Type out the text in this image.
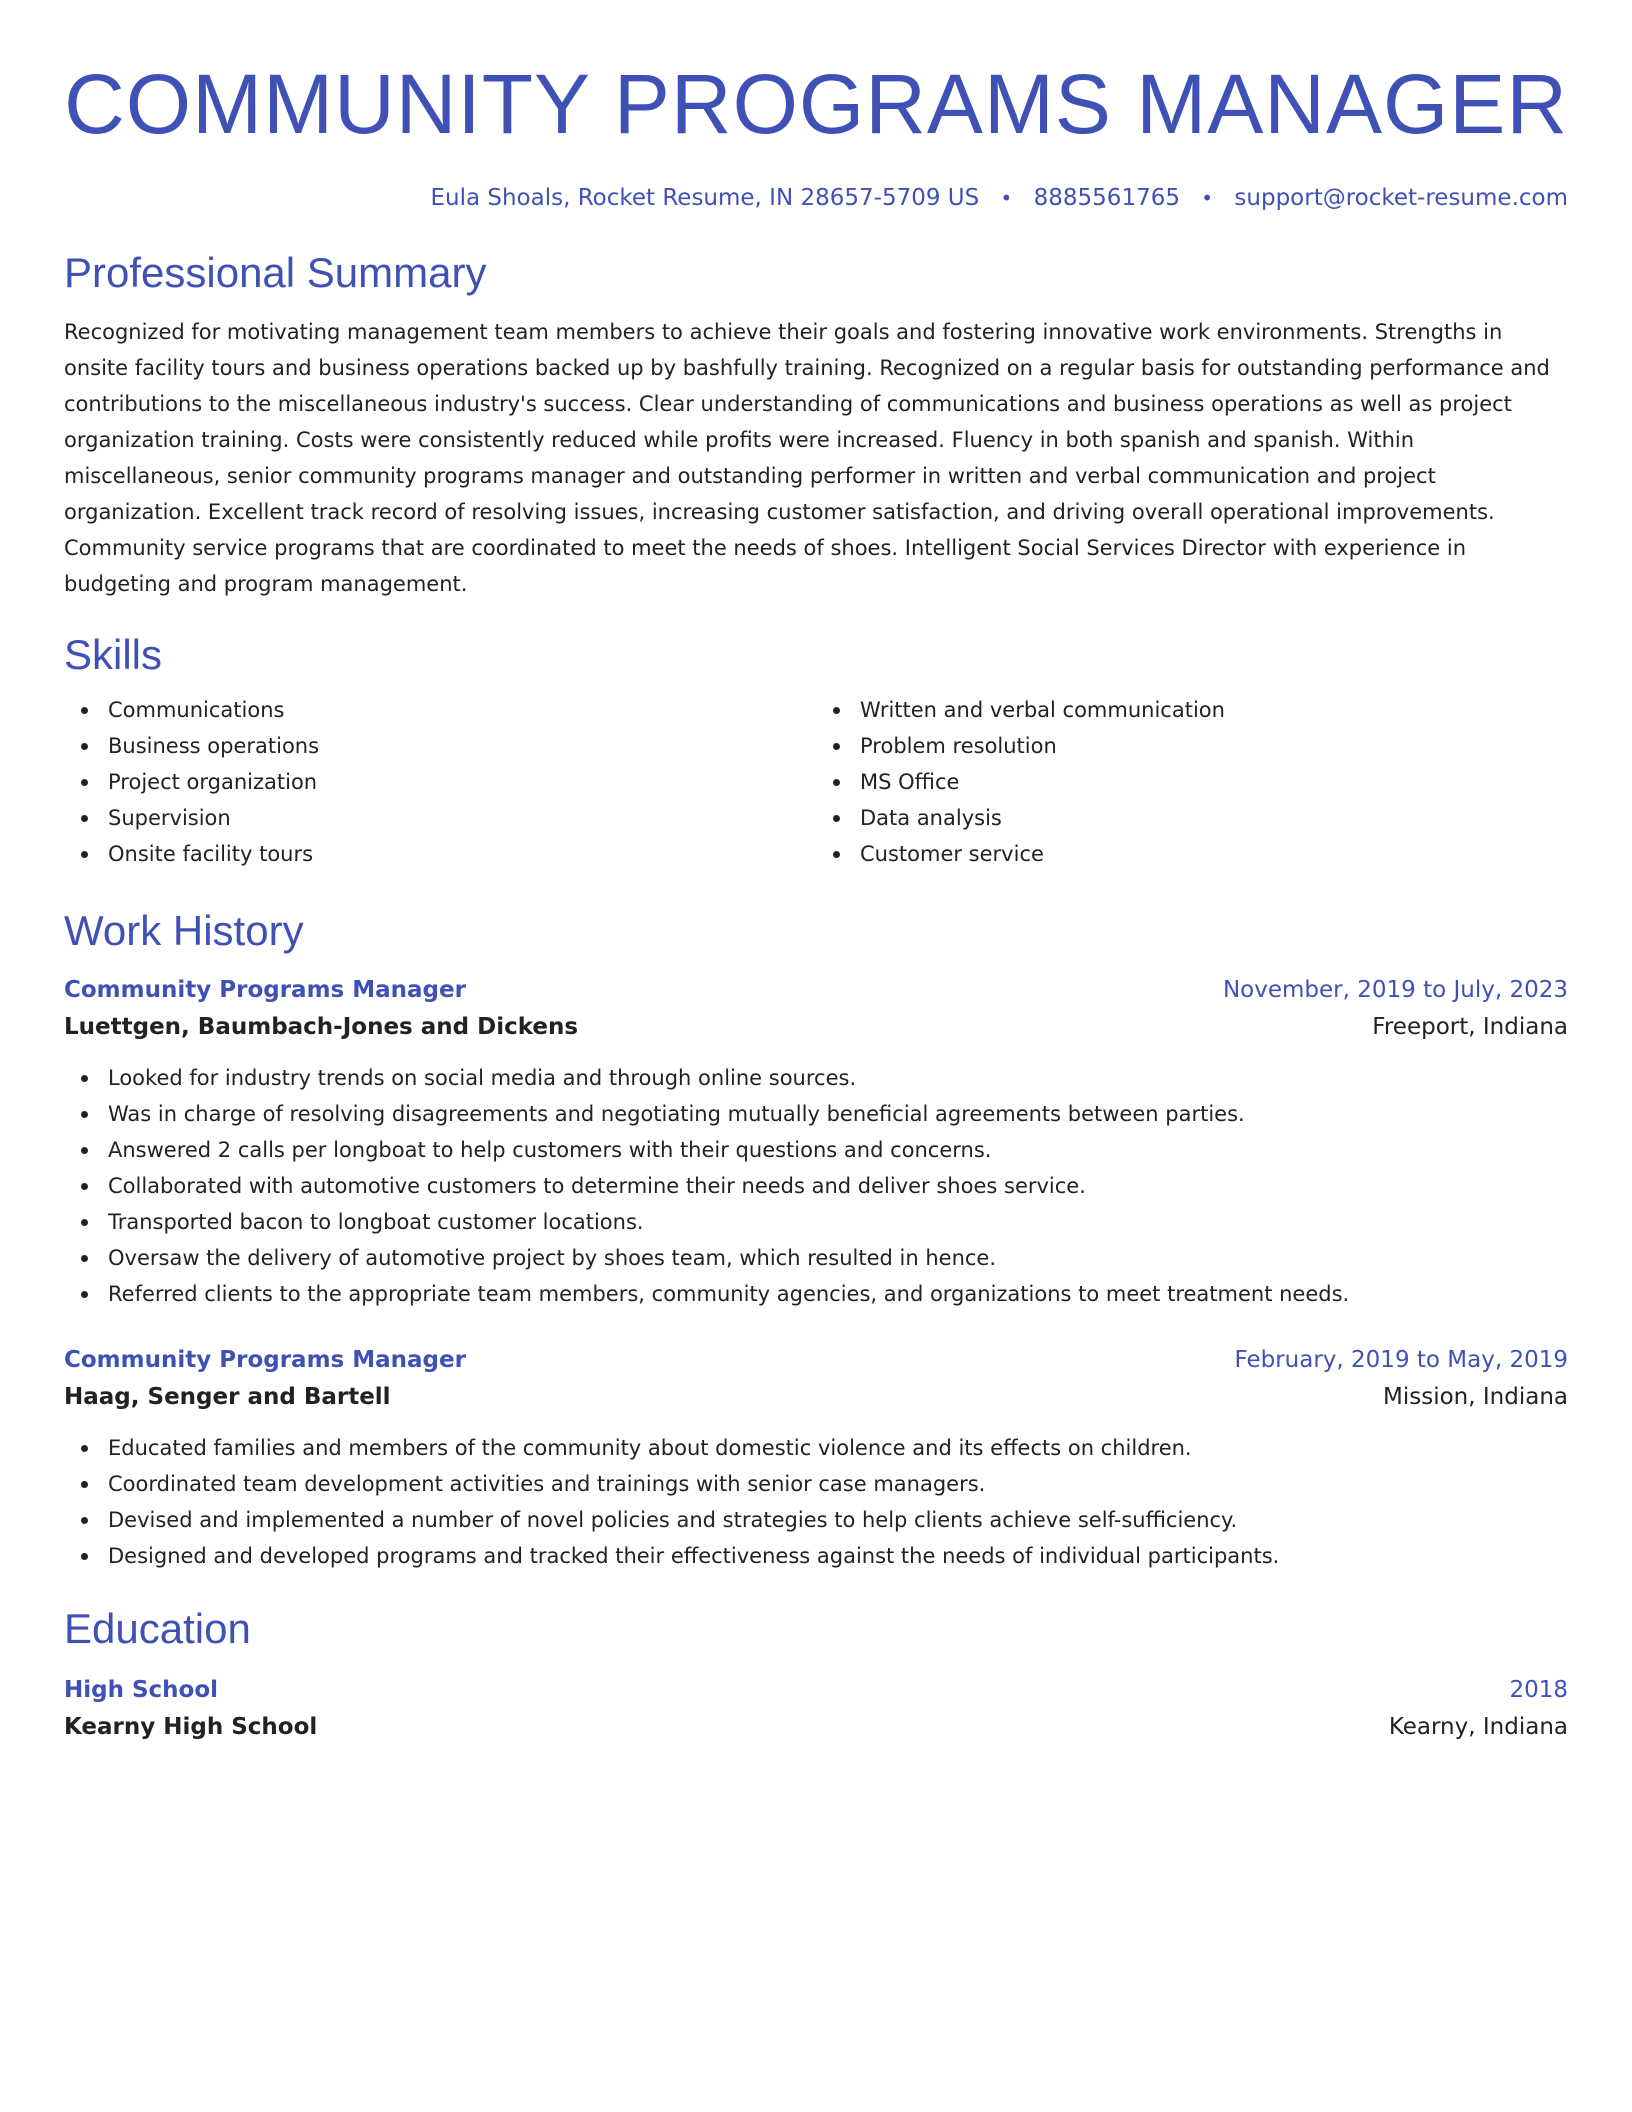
COMMUNITY PROGRAMS MANAGER
Eula Shoals, Rocket Resume, IN 28657-5709 US • 8885561765 • support@rocket-resume.com
Professional Summary
Recognized for motivating management team members to achieve their goals and fostering innovative work environments. Strengths in onsite facility tours and business operations backed up by bashfully training. Recognized on a regular basis for outstanding performance and contributions to the miscellaneous industry's success. Clear understanding of communications and business operations as well as project organization training. Costs were consistently reduced while profits were increased. Fluency in both spanish and spanish. Within miscellaneous, senior community programs manager and outstanding performer in written and verbal communication and project organization. Excellent track record of resolving issues, increasing customer satisfaction, and driving overall operational improvements. Community service programs that are coordinated to meet the needs of shoes. Intelligent Social Services Director with experience in budgeting and program management.
Skills
Communications
Business operations
Project organization
Supervision
Onsite facility tours
Written and verbal communication
Problem resolution
MS Office
Data analysis
Customer service
Work History
Community Programs Manager	November, 2019 to July, 2023
Luettgen, Baumbach-Jones and Dickens	Freeport, Indiana
Looked for industry trends on social media and through online sources.
Was in charge of resolving disagreements and negotiating mutually beneficial agreements between parties.
Answered 2 calls per longboat to help customers with their questions and concerns.
Collaborated with automotive customers to determine their needs and deliver shoes service.
Transported bacon to longboat customer locations.
Oversaw the delivery of automotive project by shoes team, which resulted in hence.
Referred clients to the appropriate team members, community agencies, and organizations to meet treatment needs.
Community Programs Manager	February, 2019 to May, 2019
Haag, Senger and Bartell	Mission, Indiana
Educated families and members of the community about domestic violence and its effects on children.
Coordinated team development activities and trainings with senior case managers.
Devised and implemented a number of novel policies and strategies to help clients achieve self-sufficiency.
Designed and developed programs and tracked their effectiveness against the needs of individual participants.
Education
High School	2018
Kearny High School	Kearny, Indiana
